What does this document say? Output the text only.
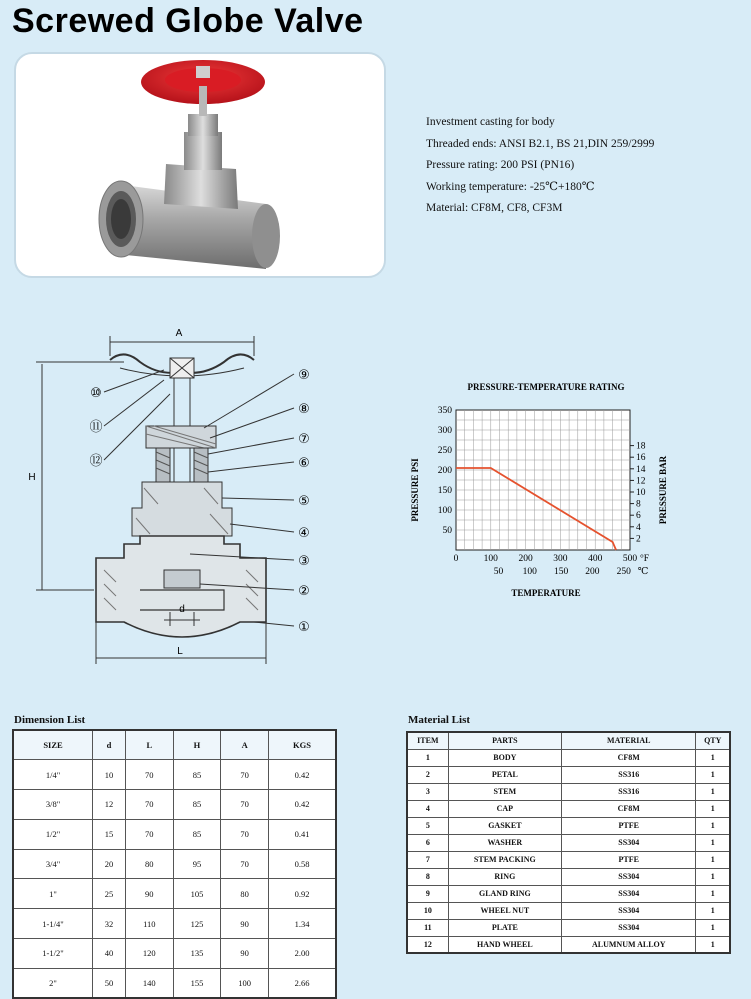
Screwed Globe Valve
Investment casting for body
Threaded ends: ANSI B2.1, BS 21,DIN 259/2999
Pressure rating: 200 PSI (PN16)
Working temperature: -25℃+180℃
Material: CF8M, CF8, CF3M
A
H
d
L
⑩
⑪
⑫
⑨
⑧
⑦
⑥
⑤
④
③
②
①
PRESSURE-TEMPERATURE RATING
PRESSURE PSI	PRESSURE BAR
TEMPERATURE
50
100
150
200
250
300
350
2
4
6
8
10
12
14
16
18
0	100 200 300 400 500 °F
50 100 150 200 250 ℃
Dimension List
SIZE	d	L	H	A	KGS
1/4"	10	70	85	70	0.42
3/8"	12	70	85	70	0.42
1/2"	15	70	85	70	0.41
3/4"	20	80	95	70	0.58
1"	25	90	105	80	0.92
1-1/4"	32	110	125	90	1.34
1-1/2"	40	120	135	90	2.00
2"	50	140	155	100	2.66
Material List
ITEM	PARTS	MATERIAL	QTY
1	BODY	CF8M	1
2	PETAL	SS316	1
3	STEM	SS316	1
4	CAP	CF8M	1
5	GASKET	PTFE	1
6	WASHER	SS304	1
7	STEM PACKING	PTFE	1
8	RING	SS304	1
9	GLAND RING	SS304	1
10	WHEEL NUT	SS304	1
11	PLATE	SS304	1
12	HAND WHEEL	ALUMNUM ALLOY	1
